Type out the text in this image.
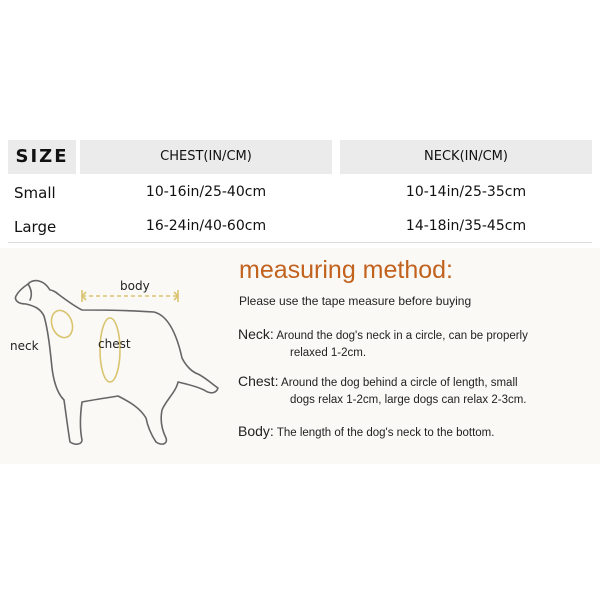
SIZE	CHEST(IN/CM)	NECK(IN/CM)
Small	10-16in/25-40cm	10-14in/25-35cm
Large	16-24in/40-60cm	14-18in/35-45cm
body
neck	chest
measuring method:
Please use the tape measure before buying
Neck: Around the dog's neck in a circle, can be properly
relaxed 1-2cm.
Chest: Around the dog behind a circle of length, small
dogs relax 1-2cm, large dogs can relax 2-3cm.
Body: The length of the dog's neck to the bottom.
